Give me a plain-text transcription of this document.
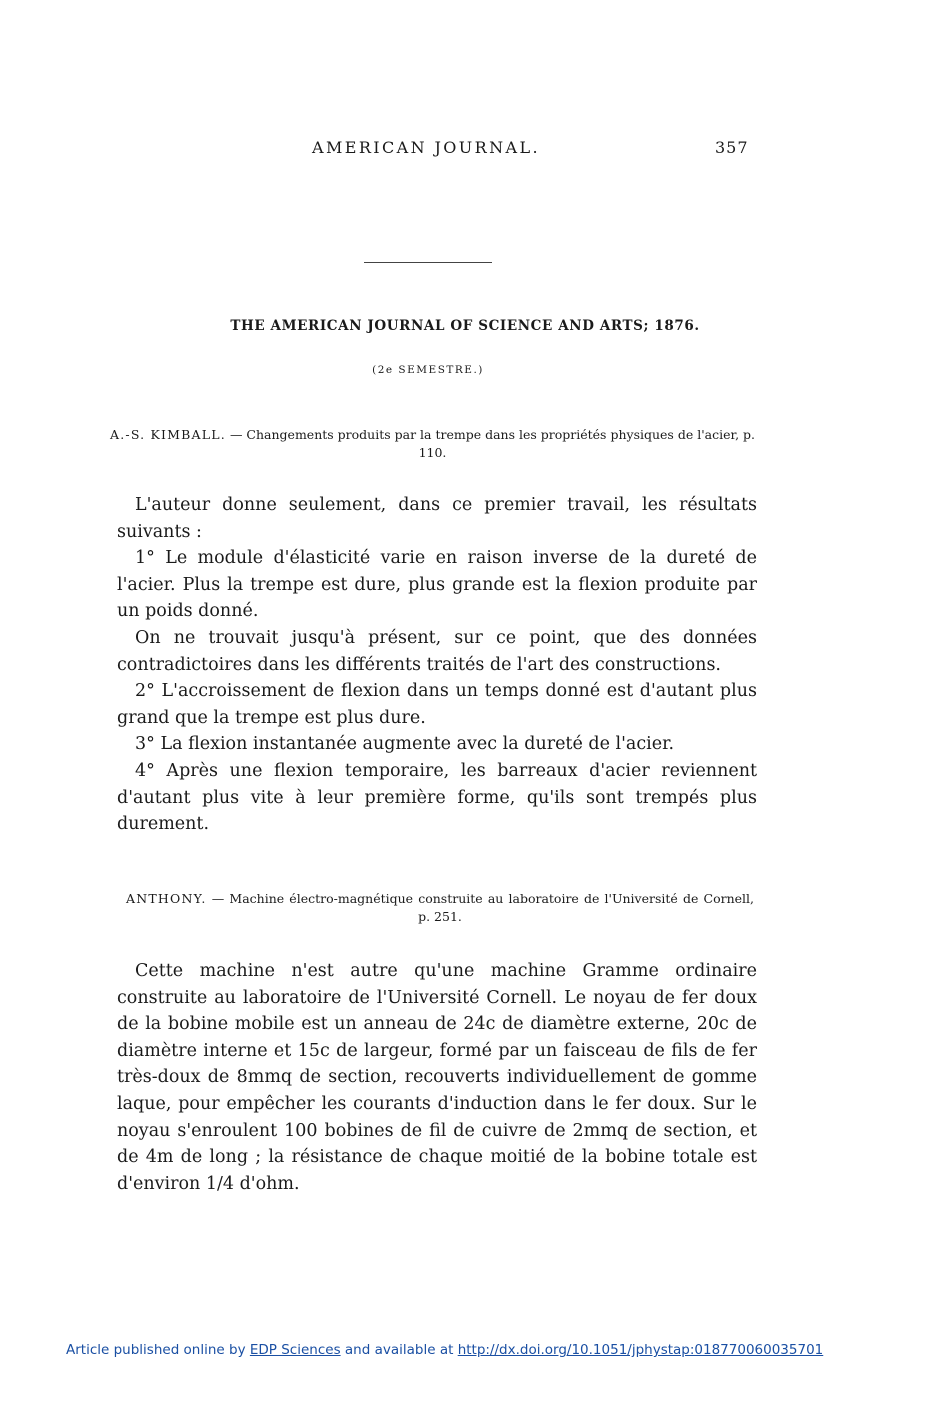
AMERICAN JOURNAL.	357
THE AMERICAN JOURNAL OF SCIENCE AND ARTS; 1876.
(2e SEMESTRE.)
A.-S. KIMBALL. — Changements produits par la trempe dans les propriétés physiques de l'acier, p. 110.

L'auteur donne seulement, dans ce premier travail, les résultats suivants :

1° Le module d'élasticité varie en raison inverse de la dureté de l'acier. Plus la trempe est dure, plus grande est la flexion produite par un poids donné.

On ne trouvait jusqu'à présent, sur ce point, que des données contradictoires dans les différents traités de l'art des constructions.

2° L'accroissement de flexion dans un temps donné est d'autant plus grand que la trempe est plus dure.

3° La flexion instantanée augmente avec la dureté de l'acier.

4° Après une flexion temporaire, les barreaux d'acier reviennent d'autant plus vite à leur première forme, qu'ils sont trempés plus durement.

ANTHONY. — Machine électro-magnétique construite au laboratoire de l'Université de Cornell, p. 251.

Cette machine n'est autre qu'une machine Gramme ordinaire construite au laboratoire de l'Université Cornell. Le noyau de fer doux de la bobine mobile est un anneau de 24c de diamètre externe, 20c de diamètre interne et 15c de largeur, formé par un faisceau de fils de fer très-doux de 8mmq de section, recouverts individuellement de gomme laque, pour empêcher les courants d'induction dans le fer doux. Sur le noyau s'enroulent 100 bobines de fil de cuivre de 2mmq de section, et de 4m de long ; la résistance de chaque moitié de la bobine totale est d'environ 1/4 d'ohm.

Article published online by EDP Sciences and available at http://dx.doi.org/10.1051/jphystap:018770060035701
